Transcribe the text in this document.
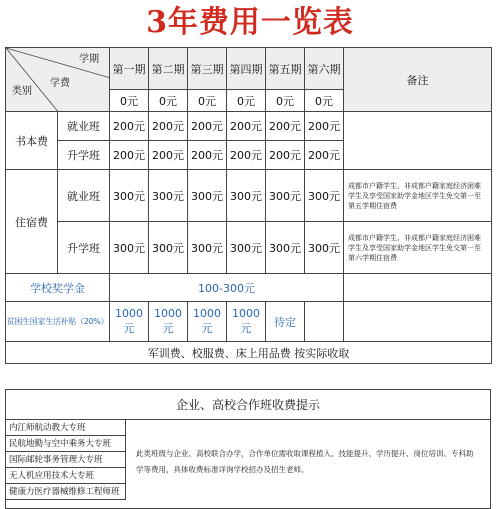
3年费用一览表
学期
学费
类别		第一期	第二期	第三期	第四期	第五期	第六期	备注
		0元	0元	0元	0元	0元	0元	
书本费	就业班	200元	200元	200元	200元	200元	200元	
	升学班	200元	200元	200元	200元	200元	200元	
住宿费	就业班	300元	300元	300元	300元	300元	300元	成都市户籍学生、非成都户籍家庭经济困难学生及享受国家助学金地区学生免交第一至第五学期住宿费
	升学班	300元	300元	300元	300元	300元	300元	成都市户籍学生、非成都户籍家庭经济困难学生及享受国家助学金地区学生免交第一至第六学期住宿费
学校奖学金		100-300元						
贫困生国家生活补贴（20%）		1000元	1000元	1000元	1000元	待定		
军训费、校服费、床上用品费 按实际收取								
企业、高校合作班收费提示
内江师航动教大专班
民航地勤与空中乘务大专班
国际邮轮事务管理大专班
无人机应用技术大专班
健康力医疗器械维修工程师班
此类班级与企业、高校联合办学，合作单位需收取课程植入、技能提升、学历提升、岗位培训、专科助学等费用，具体收费标准详询学校招办及招生老师。
